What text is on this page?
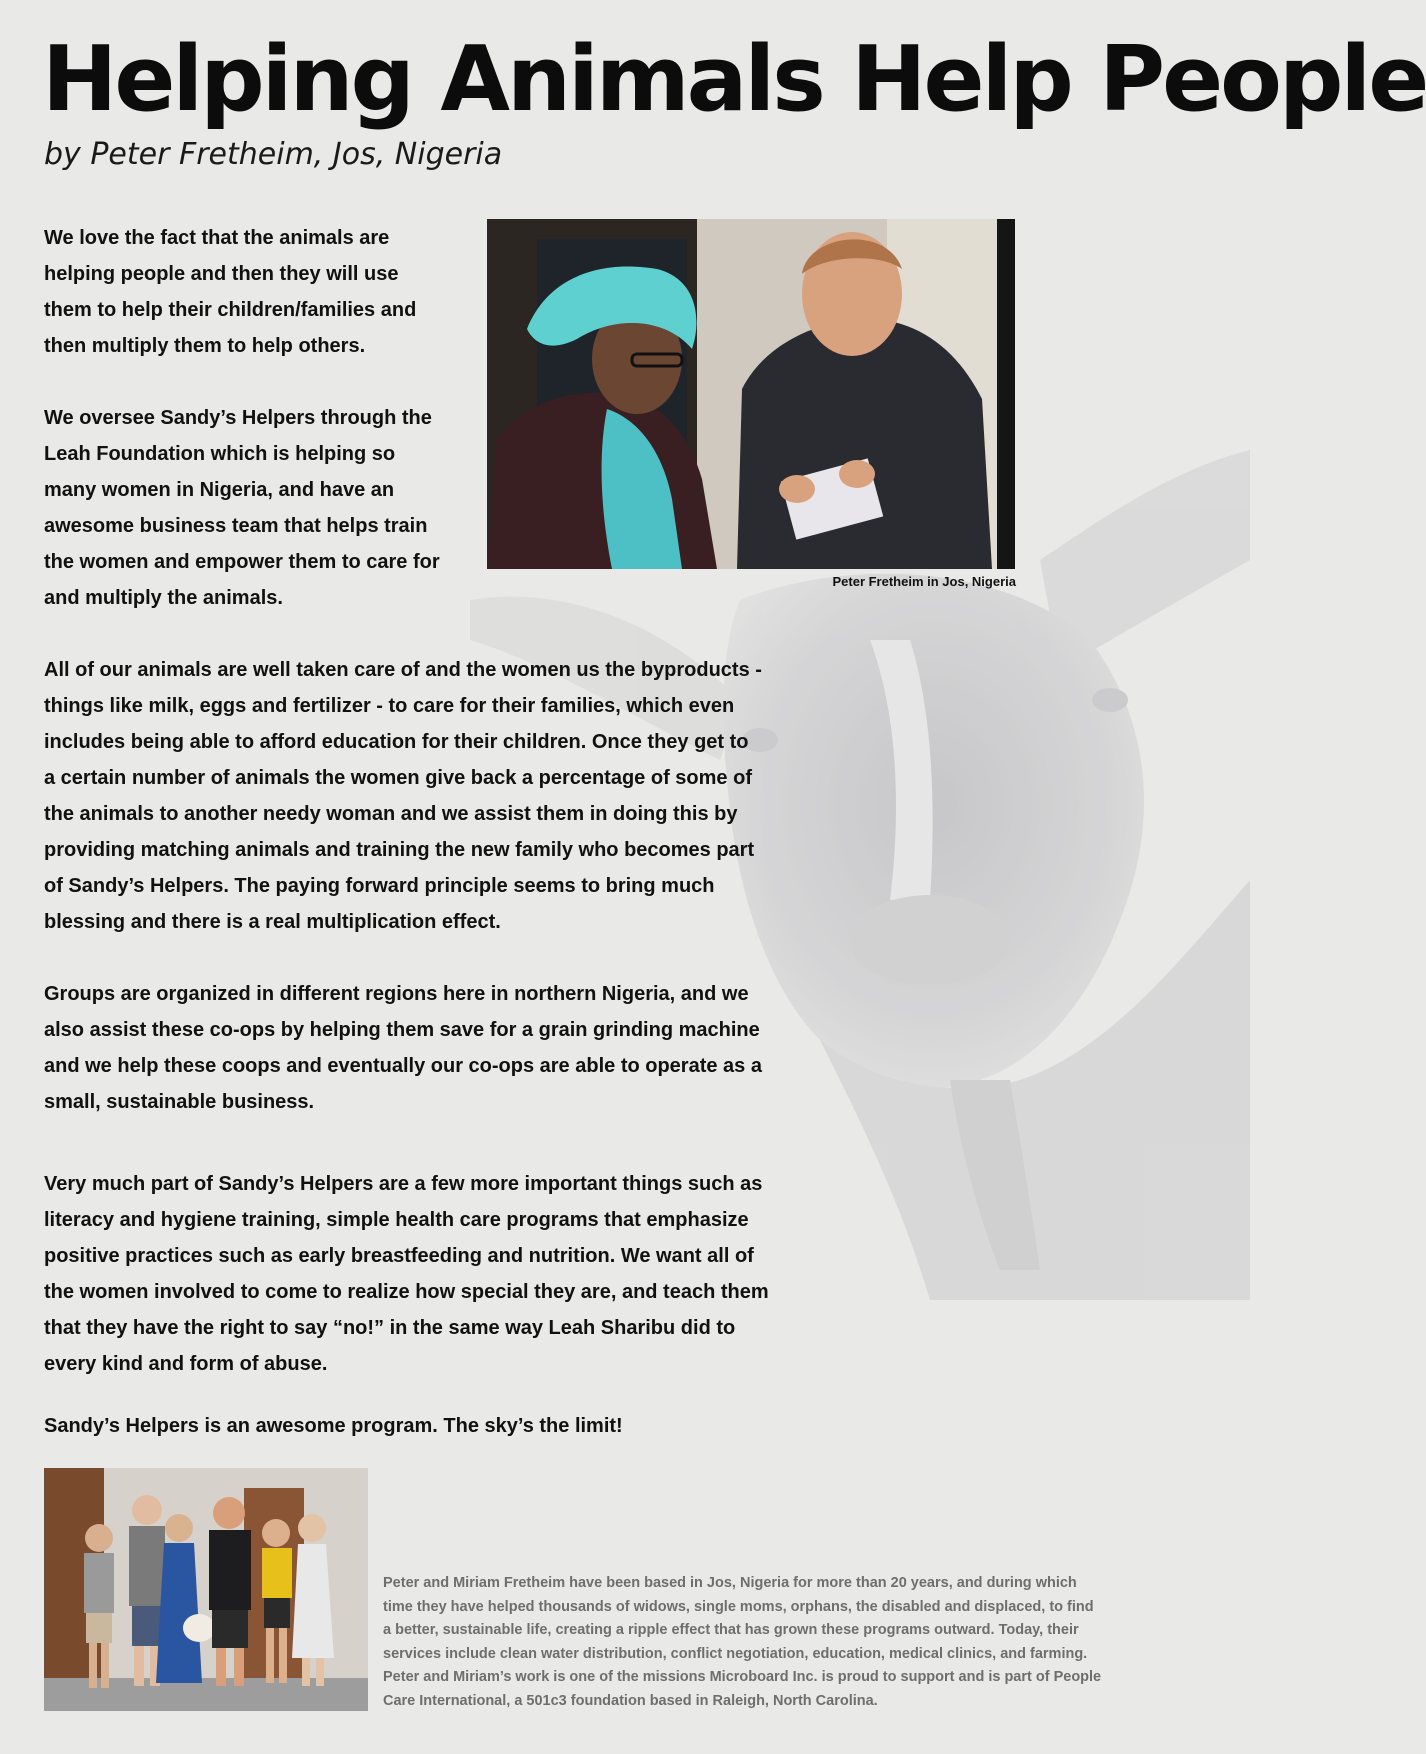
Helping Animals Help People
by Peter Fretheim, Jos, Nigeria

We love the fact that the animals are helping people and then they will use them to help their children/families and then multiply them to help others.

We oversee Sandy’s Helpers through the Leah Foundation which is helping so many women in Nigeria, and have an awesome business team that helps train the women and empower them to care for and multiply the animals.

Peter Fretheim in Jos, Nigeria

All of our animals are well taken care of and the women us the byproducts - things like milk, eggs and fertilizer - to care for their families, which even includes being able to afford education for their children. Once they get to a certain number of animals the women give back a percentage of some of the animals to another needy woman and we assist them in doing this by providing matching animals and training the new family who becomes part of Sandy’s Helpers. The paying forward principle seems to bring much blessing and there is a real multiplication effect.

Groups are organized in different regions here in northern Nigeria, and we also assist these co-ops by helping them save for a grain grinding machine and we help these coops and eventually our co-ops are able to operate as a small, sustainable business.

Very much part of Sandy’s Helpers are a few more important things such as literacy and hygiene training, simple health care programs that emphasize positive practices such as early breastfeeding and nutrition. We want all of the women involved to come to realize how special they are, and teach them that they have the right to say “no!” in the same way Leah Sharibu did to every kind and form of abuse.

Sandy’s Helpers is an awesome program. The sky’s the limit!

Peter and Miriam Fretheim have been based in Jos, Nigeria for more than 20 years, and during which time they have helped thousands of widows, single moms, orphans, the disabled and displaced, to find a better, sustainable life, creating a ripple effect that has grown these programs outward. Today, their services include clean water distribution, conflict negotiation, education, medical clinics, and farming. Peter and Miriam’s work is one of the missions Microboard Inc. is proud to support and is part of People Care International, a 501c3 foundation based in Raleigh, North Carolina.
